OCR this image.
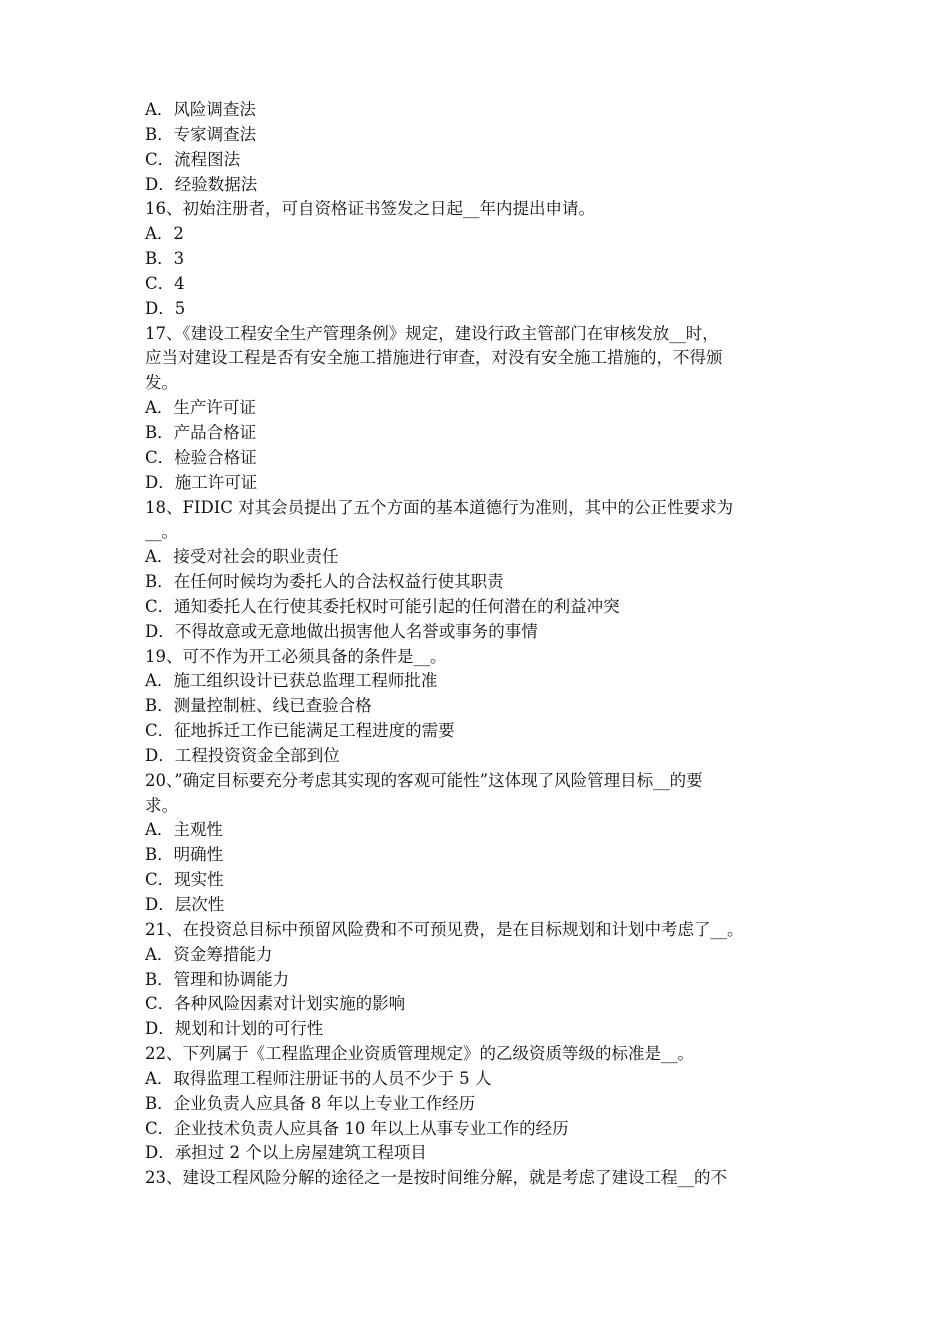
A．风险调查法
B．专家调查法
C．流程图法
D．经验数据法
16、初始注册者，可自资格证书签发之日起__年内提出申请。
A．2
B．3
C．4
D．5
17、《建设工程安全生产管理条例》规定，建设行政主管部门在审核发放__时，
应当对建设工程是否有安全施工措施进行审查，对没有安全施工措施的，不得颁
发。
A．生产许可证
B．产品合格证
C．检验合格证
D．施工许可证
18、FIDIC 对其会员提出了五个方面的基本道德行为准则，其中的公正性要求为
__。
A．接受对社会的职业责任
B．在任何时候均为委托人的合法权益行使其职责
C．通知委托人在行使其委托权时可能引起的任何潜在的利益冲突
D．不得故意或无意地做出损害他人名誉或事务的事情
19、可不作为开工必须具备的条件是__。
A．施工组织设计已获总监理工程师批准
B．测量控制桩、线已查验合格
C．征地拆迁工作已能满足工程进度的需要
D．工程投资资金全部到位
20、”确定目标要充分考虑其实现的客观可能性”这体现了风险管理目标__的要
求。
A．主观性
B．明确性
C．现实性
D．层次性
21、在投资总目标中预留风险费和不可预见费，是在目标规划和计划中考虑了__。
A．资金筹措能力
B．管理和协调能力
C．各种风险因素对计划实施的影响
D．规划和计划的可行性
22、下列属于《工程监理企业资质管理规定》的乙级资质等级的标准是__。
A．取得监理工程师注册证书的人员不少于 5 人
B．企业负责人应具备 8 年以上专业工作经历
C．企业技术负责人应具备 10 年以上从事专业工作的经历
D．承担过 2 个以上房屋建筑工程项目
23、建设工程风险分解的途径之一是按时间维分解，就是考虑了建设工程__的不
